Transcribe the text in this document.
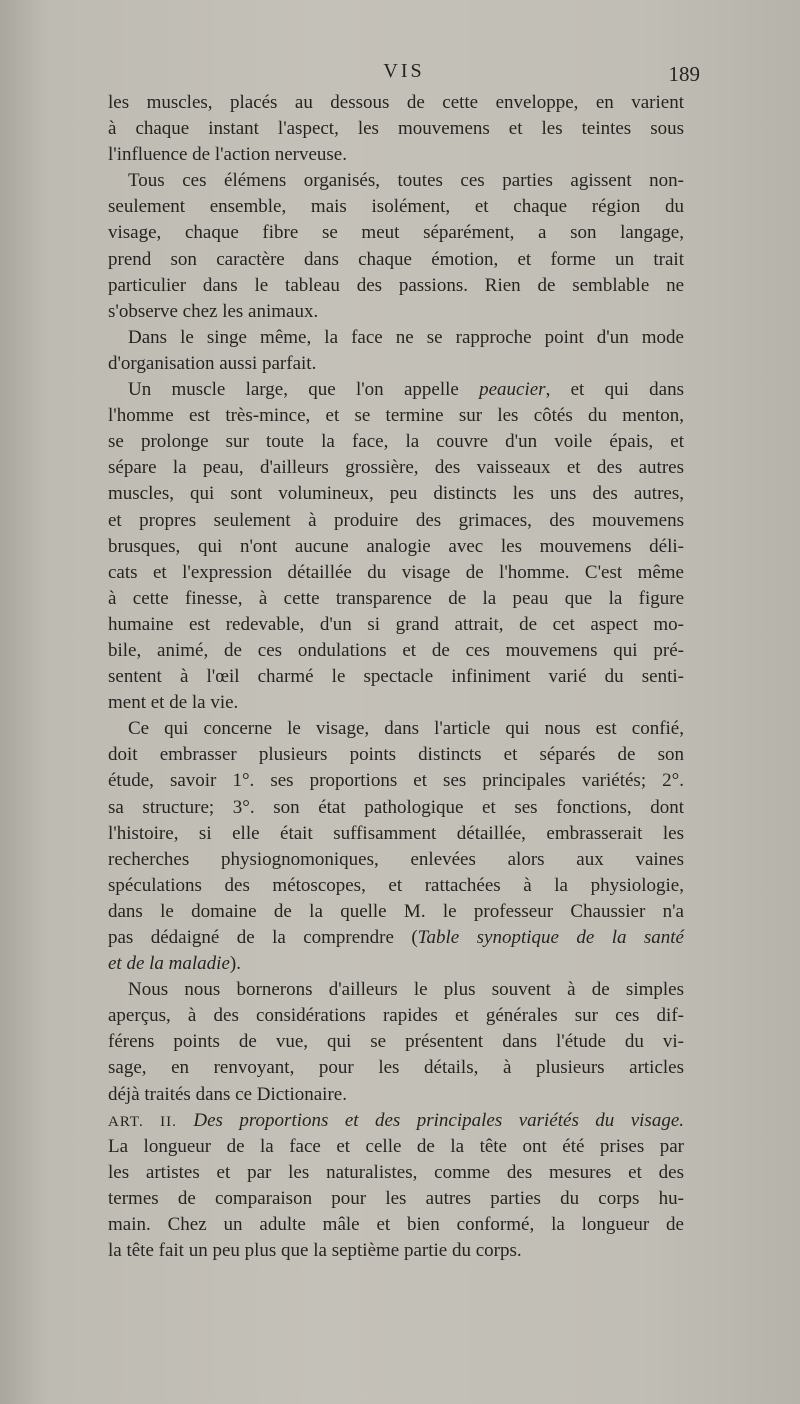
VIS	189
les muscles, placés au dessous de cette enveloppe, en varient
à chaque instant l'aspect, les mouvemens et les teintes sous
l'influence de l'action nerveuse.
Tous ces élémens organisés, toutes ces parties agissent non-
seulement ensemble, mais isolément, et chaque région du
visage, chaque fibre se meut séparément, a son langage,
prend son caractère dans chaque émotion, et forme un trait
particulier dans le tableau des passions. Rien de semblable ne
s'observe chez les animaux.
Dans le singe même, la face ne se rapproche point d'un mode
d'organisation aussi parfait.
Un muscle large, que l'on appelle peaucier, et qui dans
l'homme est très-mince, et se termine sur les côtés du menton,
se prolonge sur toute la face, la couvre d'un voile épais, et
sépare la peau, d'ailleurs grossière, des vaisseaux et des autres
muscles, qui sont volumineux, peu distincts les uns des autres,
et propres seulement à produire des grimaces, des mouvemens
brusques, qui n'ont aucune analogie avec les mouvemens déli-
cats et l'expression détaillée du visage de l'homme. C'est même
à cette finesse, à cette transparence de la peau que la figure
humaine est redevable, d'un si grand attrait, de cet aspect mo-
bile, animé, de ces ondulations et de ces mouvemens qui pré-
sentent à l'œil charmé le spectacle infiniment varié du senti-
ment et de la vie.
Ce qui concerne le visage, dans l'article qui nous est confié,
doit embrasser plusieurs points distincts et séparés de son
étude, savoir 1°. ses proportions et ses principales variétés; 2°.
sa structure; 3°. son état pathologique et ses fonctions, dont
l'histoire, si elle était suffisamment détaillée, embrasserait les
recherches physiognomoniques, enlevées alors aux vaines
spéculations des métoscopes, et rattachées à la physiologie,
dans le domaine de la quelle M. le professeur Chaussier n'a
pas dédaigné de la comprendre (Table synoptique de la santé
et de la maladie).
Nous nous bornerons d'ailleurs le plus souvent à de simples
aperçus, à des considérations rapides et générales sur ces dif-
férens points de vue, qui se présentent dans l'étude du vi-
sage, en renvoyant, pour les détails, à plusieurs articles
déjà traités dans ce Dictionaire.
ART. II. Des proportions et des principales variétés du visage.
La longueur de la face et celle de la tête ont été prises par
les artistes et par les naturalistes, comme des mesures et des
termes de comparaison pour les autres parties du corps hu-
main. Chez un adulte mâle et bien conformé, la longueur de
la tête fait un peu plus que la septième partie du corps.
